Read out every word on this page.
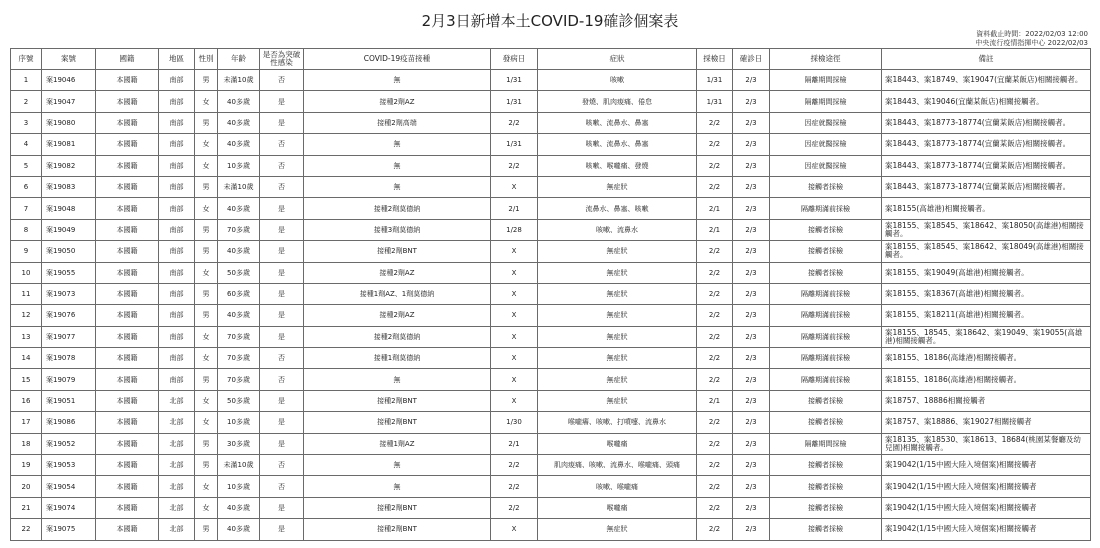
2月3日新增本土COVID-19確診個案表
資料截止時間：2022/02/03 12:00
中央流行疫情指揮中心 2022/02/03
序號	案號	國籍	地區	性別	年齡	是否為突破性感染	COVID-19疫苗接種	發病日	症狀	採檢日	確診日	採檢途徑	備註
1	案19046	本國籍	南部	男	未滿10歲	否	無	1/31	咳嗽	1/31	2/3	隔離期間採檢	案18443、案18749、案19047(宜蘭某飯店)相關接觸者。
2	案19047	本國籍	南部	女	40多歲	是	接種2劑AZ	1/31	發燒、肌肉痠痛、倦怠	1/31	2/3	隔離期間採檢	案18443、案19046(宜蘭某飯店)相關接觸者。
3	案19080	本國籍	南部	男	40多歲	是	接種2劑高端	2/2	咳嗽、流鼻水、鼻塞	2/2	2/3	因症就醫採檢	案18443、案18773-18774(宜蘭某飯店)相關接觸者。
4	案19081	本國籍	南部	女	40多歲	否	無	1/31	咳嗽、流鼻水、鼻塞	2/2	2/3	因症就醫採檢	案18443、案18773-18774(宜蘭某飯店)相關接觸者。
5	案19082	本國籍	南部	女	10多歲	否	無	2/2	咳嗽、喉嚨痛、發燒	2/2	2/3	因症就醫採檢	案18443、案18773-18774(宜蘭某飯店)相關接觸者。
6	案19083	本國籍	南部	男	未滿10歲	否	無	X	無症狀	2/2	2/3	接觸者採檢	案18443、案18773-18774(宜蘭某飯店)相關接觸者。
7	案19048	本國籍	南部	女	40多歲	是	接種2劑莫德納	2/1	流鼻水、鼻塞、咳嗽	2/1	2/3	隔離期滿前採檢	案18155(高雄港)相關接觸者。
8	案19049	本國籍	南部	男	70多歲	是	接種3劑莫德納	1/28	咳嗽、流鼻水	2/1	2/3	接觸者採檢	案18155、案18545、案18642、案18050(高雄港)相關接觸者。
9	案19050	本國籍	南部	男	40多歲	是	接種2劑BNT	X	無症狀	2/2	2/3	接觸者採檢	案18155、案18545、案18642、案18049(高雄港)相關接觸者。
10	案19055	本國籍	南部	女	50多歲	是	接種2劑AZ	X	無症狀	2/2	2/3	接觸者採檢	案18155、案19049(高雄港)相關接觸者。
11	案19073	本國籍	南部	男	60多歲	是	接種1劑AZ、1劑莫德納	X	無症狀	2/2	2/3	隔離期滿前採檢	案18155、案18367(高雄港)相關接觸者。
12	案19076	本國籍	南部	男	40多歲	是	接種2劑AZ	X	無症狀	2/2	2/3	隔離期滿前採檢	案18155、案18211(高雄港)相關接觸者。
13	案19077	本國籍	南部	女	70多歲	是	接種2劑莫德納	X	無症狀	2/2	2/3	隔離期滿前採檢	案18155、18545、案18642、案19049、案19055(高雄港)相關接觸者。
14	案19078	本國籍	南部	女	70多歲	否	接種1劑莫德納	X	無症狀	2/2	2/3	隔離期滿前採檢	案18155、18186(高雄港)相關接觸者。
15	案19079	本國籍	南部	男	70多歲	否	無	X	無症狀	2/2	2/3	隔離期滿前採檢	案18155、18186(高雄港)相關接觸者。
16	案19051	本國籍	北部	女	50多歲	是	接種2劑BNT	X	無症狀	2/1	2/3	接觸者採檢	案18757、18886相關接觸者
17	案19086	本國籍	北部	女	10多歲	是	接種2劑BNT	1/30	喉嚨癢、咳嗽、打噴嚏、流鼻水	2/2	2/3	接觸者採檢	案18757、案18886、案19027相關接觸者
18	案19052	本國籍	北部	男	30多歲	是	接種1劑AZ	2/1	喉嚨痛	2/2	2/3	隔離期間採檢	案18135、案18530、案18613、18684(桃園某餐廳及幼兒園)相關接觸者。
19	案19053	本國籍	北部	男	未滿10歲	否	無	2/2	肌肉痠痛、咳嗽、流鼻水、喉嚨痛、頭痛	2/2	2/3	接觸者採檢	案19042(1/15中國大陸入境個案)相關接觸者
20	案19054	本國籍	北部	女	10多歲	否	無	2/2	咳嗽、喉嚨痛	2/2	2/3	接觸者採檢	案19042(1/15中國大陸入境個案)相關接觸者
21	案19074	本國籍	北部	女	40多歲	是	接種2劑BNT	2/2	喉嚨痛	2/2	2/3	接觸者採檢	案19042(1/15中國大陸入境個案)相關接觸者
22	案19075	本國籍	北部	男	40多歲	是	接種2劑BNT	X	無症狀	2/2	2/3	接觸者採檢	案19042(1/15中國大陸入境個案)相關接觸者
